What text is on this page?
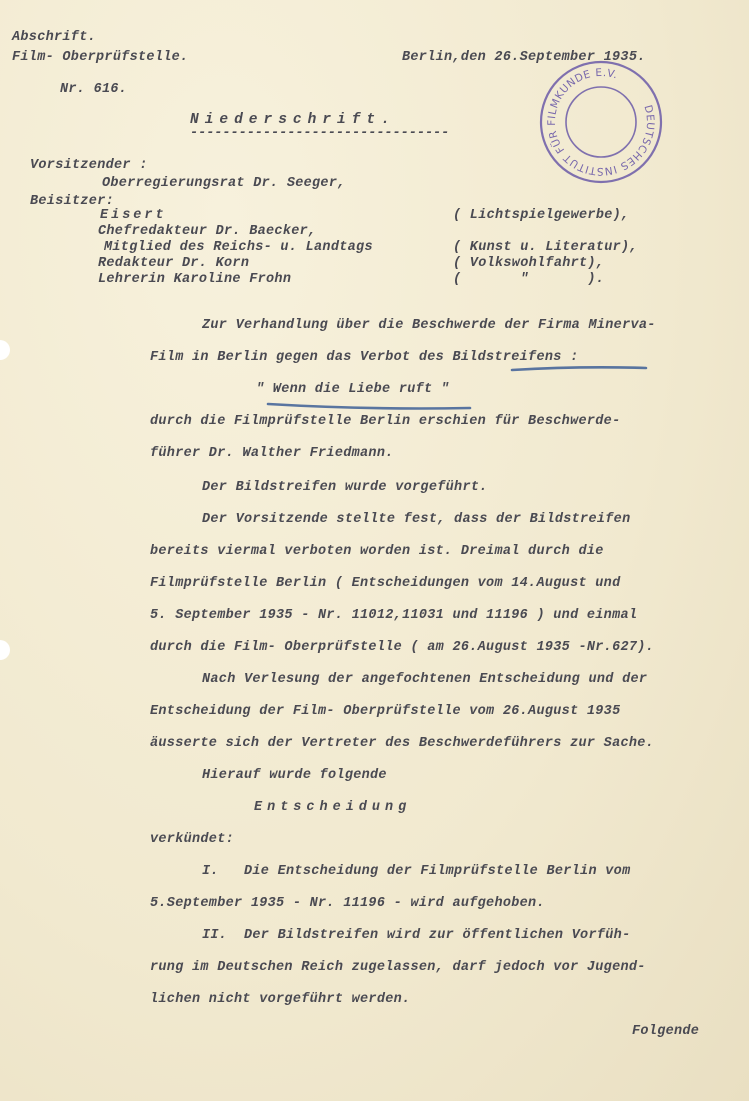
Abschrift.
Film- Oberprüfstelle.	Berlin,den 26.September 1935.
Nr. 616.
Niederschrift.
--------------------------------
DEUTSCHES INSTITUT FÜR FILMKUNDE E.V.
Vorsitzender :
Oberregierungsrat Dr. Seeger,
Beisitzer:
Eisert	( Lichtspielgewerbe),
Chefredakteur Dr. Baecker,
Mitglied des Reichs- u. Landtags	( Kunst u. Literatur),
Redakteur Dr. Korn	( Volkswohlfahrt),
Lehrerin Karoline Frohn	(       "       ).
Zur Verhandlung über die Beschwerde der Firma Minerva-
Film in Berlin gegen das Verbot des Bildstreifens :
" Wenn die Liebe ruft "
durch die Filmprüfstelle Berlin erschien für Beschwerde-
führer Dr. Walther Friedmann.
Der Bildstreifen wurde vorgeführt.
Der Vorsitzende stellte fest, dass der Bildstreifen
bereits viermal verboten worden ist. Dreimal durch die
Filmprüfstelle Berlin ( Entscheidungen vom 14.August und
5. September 1935 - Nr. 11012,11031 und 11196 ) und einmal
durch die Film- Oberprüfstelle ( am 26.August 1935 -Nr.627).
Nach Verlesung der angefochtenen Entscheidung und der
Entscheidung der Film- Oberprüfstelle vom 26.August 1935
äusserte sich der Vertreter des Beschwerdeführers zur Sache.
Hierauf wurde folgende
Entscheidung
verkündet:
I.   Die Entscheidung der Filmprüfstelle Berlin vom
5.September 1935 - Nr. 11196 - wird aufgehoben.
II.  Der Bildstreifen wird zur öffentlichen Vorfüh-
rung im Deutschen Reich zugelassen, darf jedoch vor Jugend-
lichen nicht vorgeführt werden.
Folgende
